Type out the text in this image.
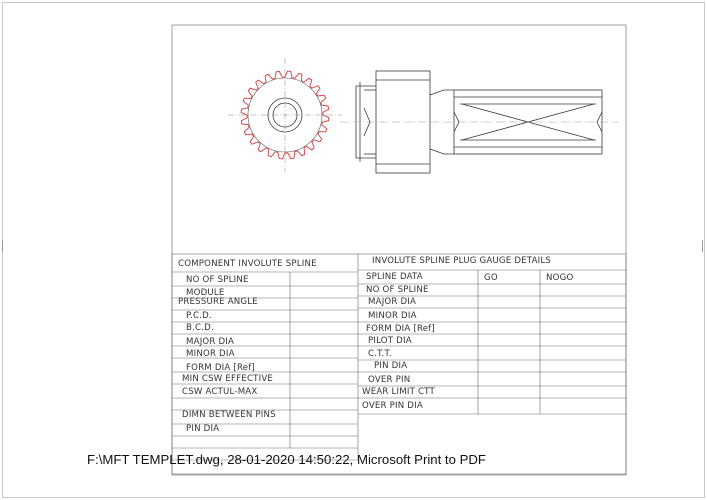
COMPONENT INVOLUTE SPLINE
NO OF SPLINE
MODULE
PRESSURE ANGLE
P.C.D.
B.C.D.
MAJOR DIA
MINOR DIA
FORM DIA [Ref]
MIN CSW EFFECTIVE
CSW ACTUL-MAX
DIMN BETWEEN PINS
PIN DIA
INVOLUTE SPLINE PLUG GAUGE DETAILS
SPLINE DATA	GO	NOGO
NO OF SPLINE
MAJOR DIA
MINOR DIA
FORM DIA [Ref]
PILOT DIA
C.T.T.
PIN DIA
OVER PIN
WEAR LIMIT CTT
OVER PIN DIA
F:\MFT TEMPLET.dwg, 28-01-2020 14:50:22, Microsoft Print to PDF
